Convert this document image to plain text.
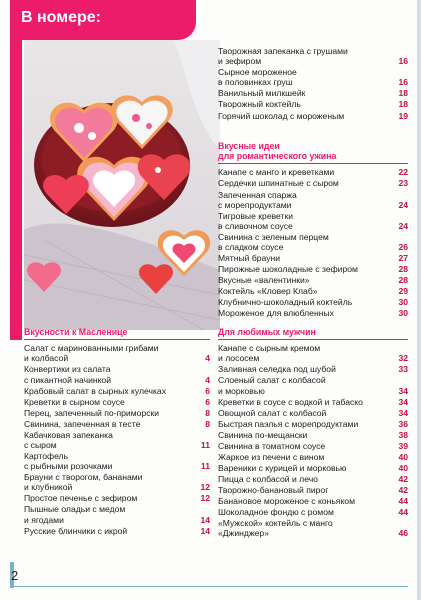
В номере:
Творожная запеканка с грушами
и зефиром	16
Сырное мороженое
в половинках груш	16
Ванильный милкшейк	18
Творожный коктейль	18
Горячий шоколад с мороженым	19
Вкусные идеи
для романтического ужина
Канапе с манго и креветками	22
Сердечки шпинатные с сыром	23
Запеченная спаржа
с морепродуктами	24
Тигровые креветки
в сливочном соусе	24
Свинина с зеленым перцем
в сладком соусе	26
Мятный брауни	27
Пирожные шоколадные с зефиром	28
Вкусные «валентинки»	28
Коктейль «Кловер Клаб»	29
Клубнично-шоколадный коктейль	30
Мороженое для влюбленных	30
Вкусности к Масленице
Салат с маринованными грибами
и колбасой	4
Конвертики из салата
с пикантной начинкой	4
Крабовый салат в сырных кулечках	6
Креветки в сырном соусе	6
Перец, запеченный по-приморски	8
Свинина, запеченная в тесте	8
Кабачковая запеканка
с сыром	11
Картофель
с рыбными розочками	11
Брауни с творогом, бананами
и клубникой	12
Простое печенье с зефиром	12
Пышные оладьи с медом
и ягодами	14
Русские блинчики с икрой	14
Для любимых мужчин
Канапе с сырным кремом
и лососем	32
Заливная селедка под шубой	33
Слоеный салат с колбасой
и морковью	34
Креветки в соусе с водкой и табаско	34
Овощной салат с колбасой	34
Быстрая паэлья с морепродуктами	36
Свинина по-мещански	38
Свинина в томатном соусе	39
Жаркое из печени с вином	40
Вареники с курицей и морковью	40
Пицца с колбасой и лечо	42
Творожно-банановый пирог	42
Банановое мороженое с коньяком	44
Шоколадное фондю с ромом	44
«Мужской» коктейль с манго
«Джинджер»	46
2
